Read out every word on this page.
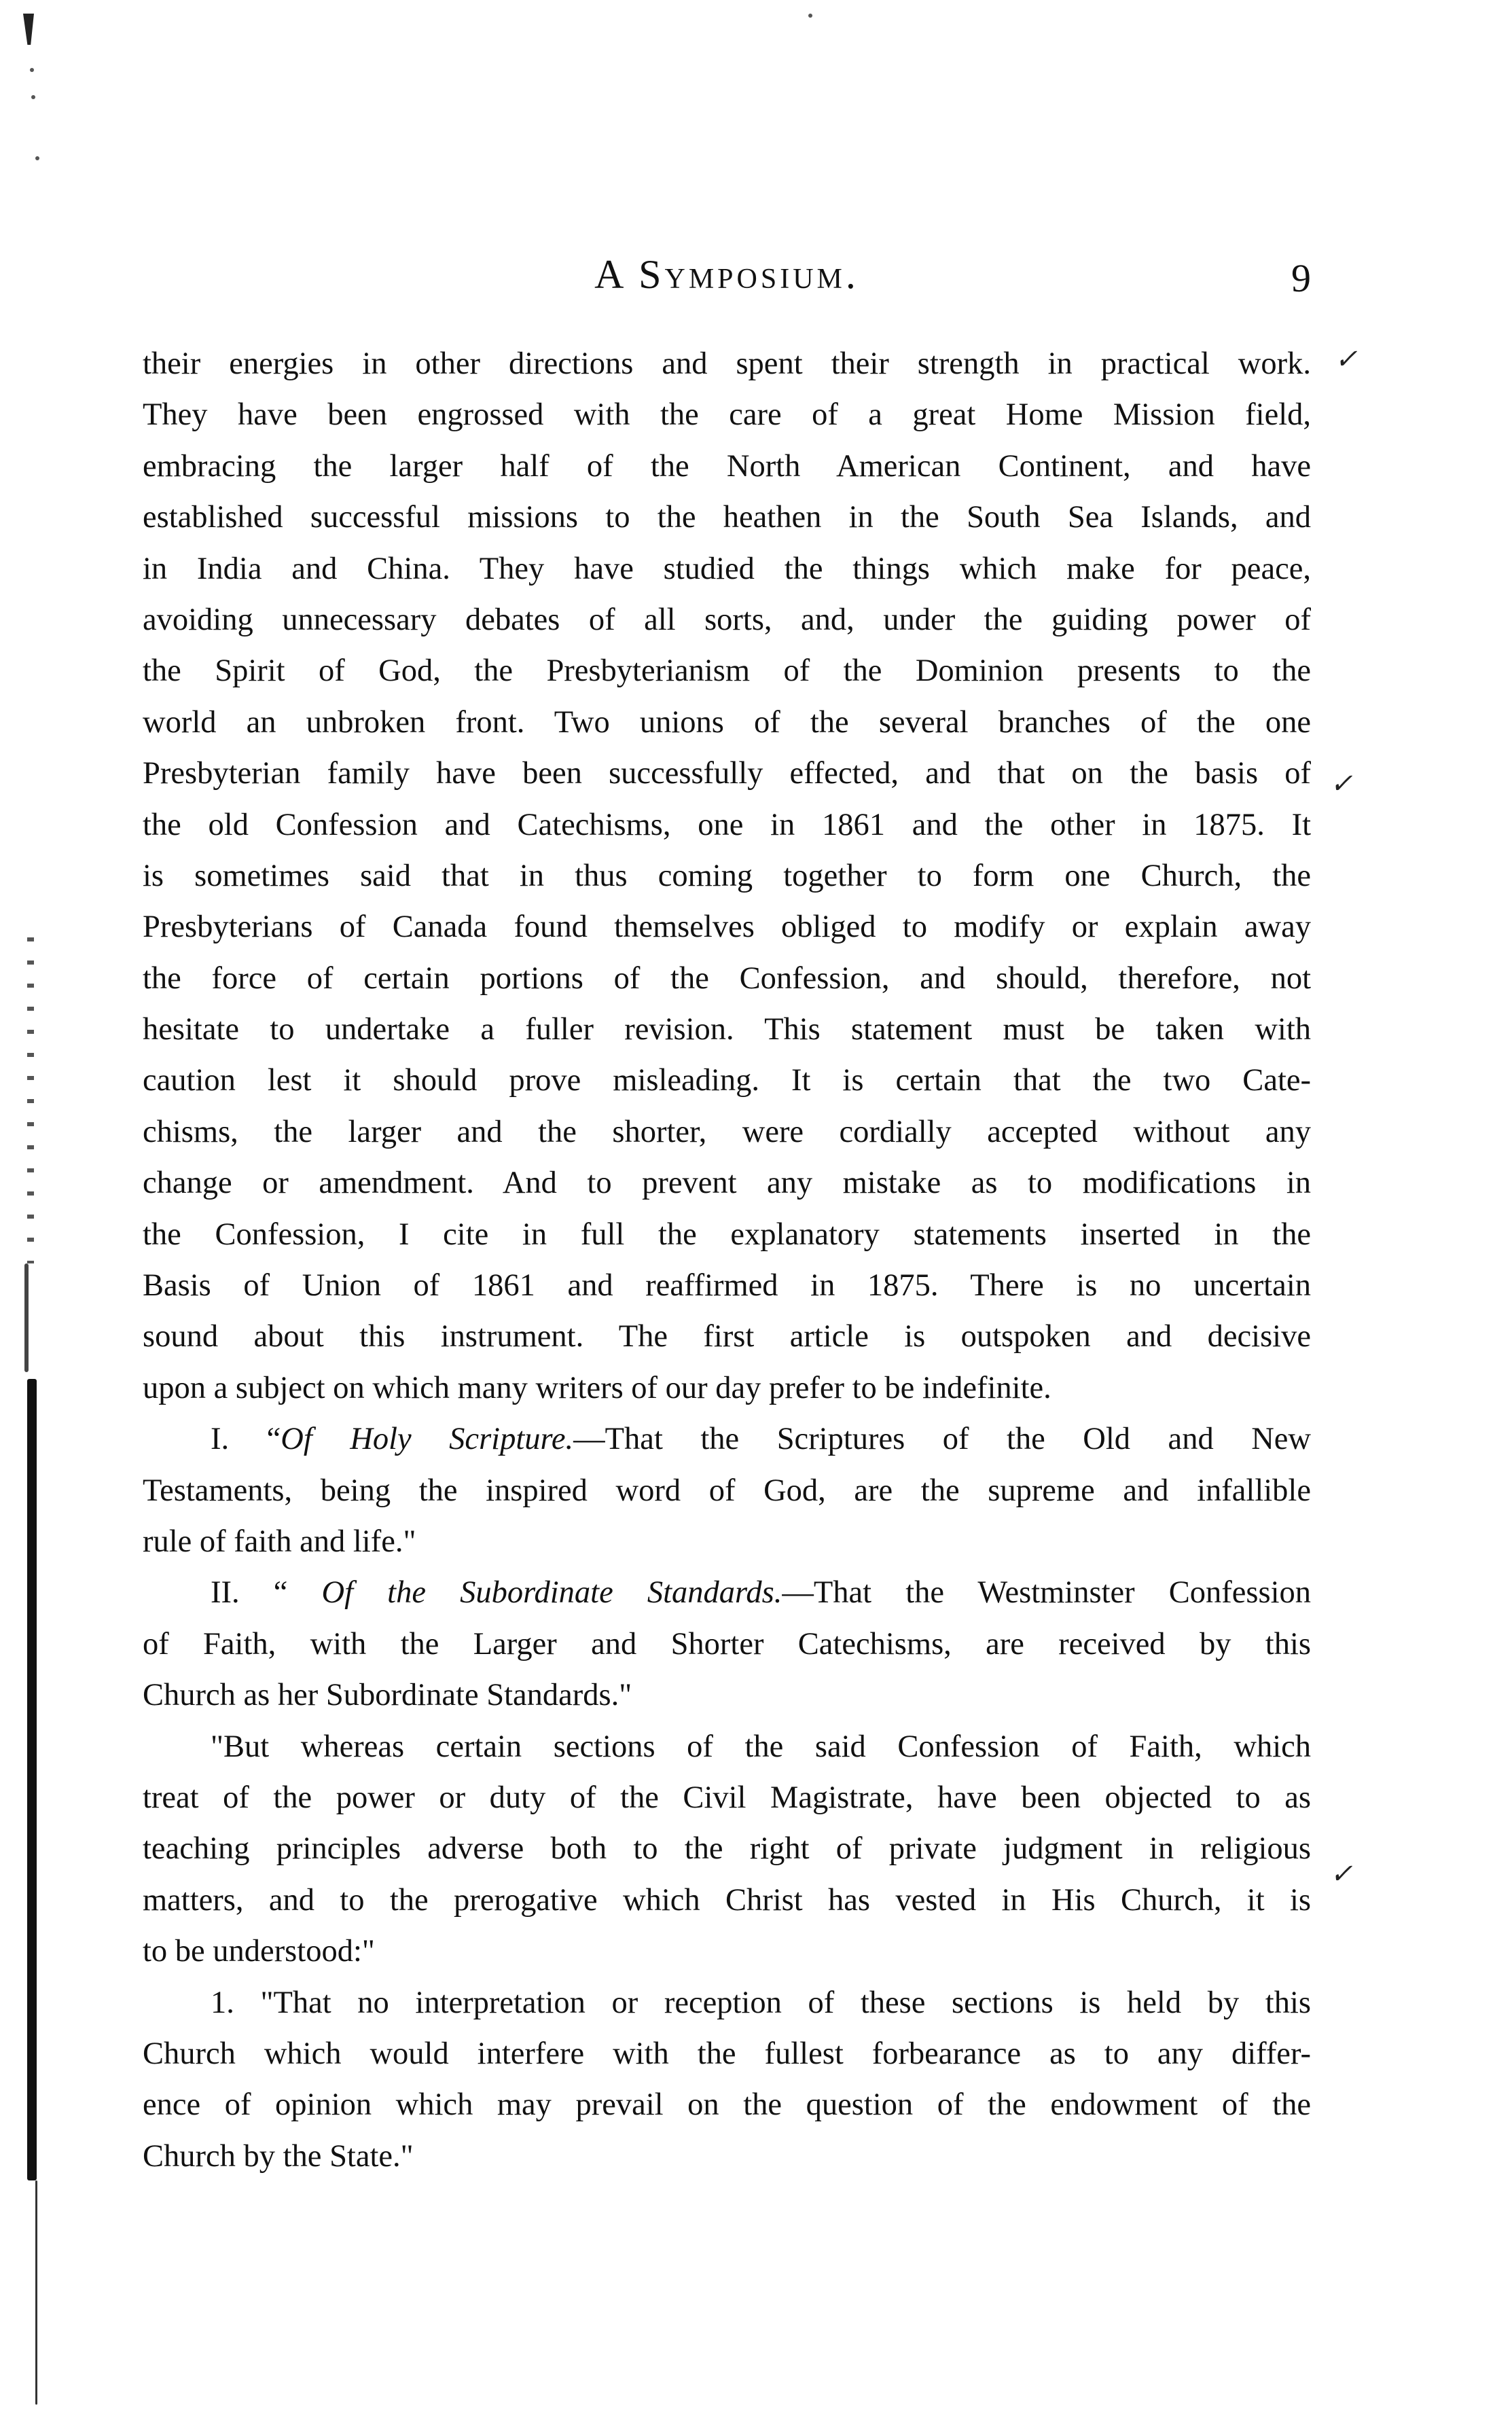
✓
✓
✓
A Symposium.	9
their energies in other directions and spent their strength in practical work.
They have been engrossed with the care of a great Home Mission field,
embracing the larger half of the North American Continent, and have
established successful missions to the heathen in the South Sea Islands, and
in India and China. They have studied the things which make for peace,
avoiding unnecessary debates of all sorts, and, under the guiding power of
the Spirit of God, the Presbyterianism of the Dominion presents to the
world an unbroken front. Two unions of the several branches of the one
Presbyterian family have been successfully effected, and that on the basis of
the old Confession and Catechisms, one in 1861 and the other in 1875. It
is sometimes said that in thus coming together to form one Church, the
Presbyterians of Canada found themselves obliged to modify or explain away
the force of certain portions of the Confession, and should, therefore, not
hesitate to undertake a fuller revision. This statement must be taken with
caution lest it should prove misleading. It is certain that the two Cate-
chisms, the larger and the shorter, were cordially accepted without any
change or amendment. And to prevent any mistake as to modifications in
the Confession, I cite in full the explanatory statements inserted in the
Basis of Union of 1861 and reaffirmed in 1875. There is no uncertain
sound about this instrument. The first article is outspoken and decisive
upon a subject on which many writers of our day prefer to be indefinite.
I. “Of Holy Scripture.—That the Scriptures of the Old and New
Testaments, being the inspired word of God, are the supreme and infallible
rule of faith and life."
II. “ Of the Subordinate Standards.—That the Westminster Confession
of Faith, with the Larger and Shorter Catechisms, are received by this
Church as her Subordinate Standards."
"But whereas certain sections of the said Confession of Faith, which
treat of the power or duty of the Civil Magistrate, have been objected to as
teaching principles adverse both to the right of private judgment in religious
matters, and to the prerogative which Christ has vested in His Church, it is
to be understood:"
1. "That no interpretation or reception of these sections is held by this
Church which would interfere with the fullest forbearance as to any differ-
ence of opinion which may prevail on the question of the endowment of the
Church by the State."
